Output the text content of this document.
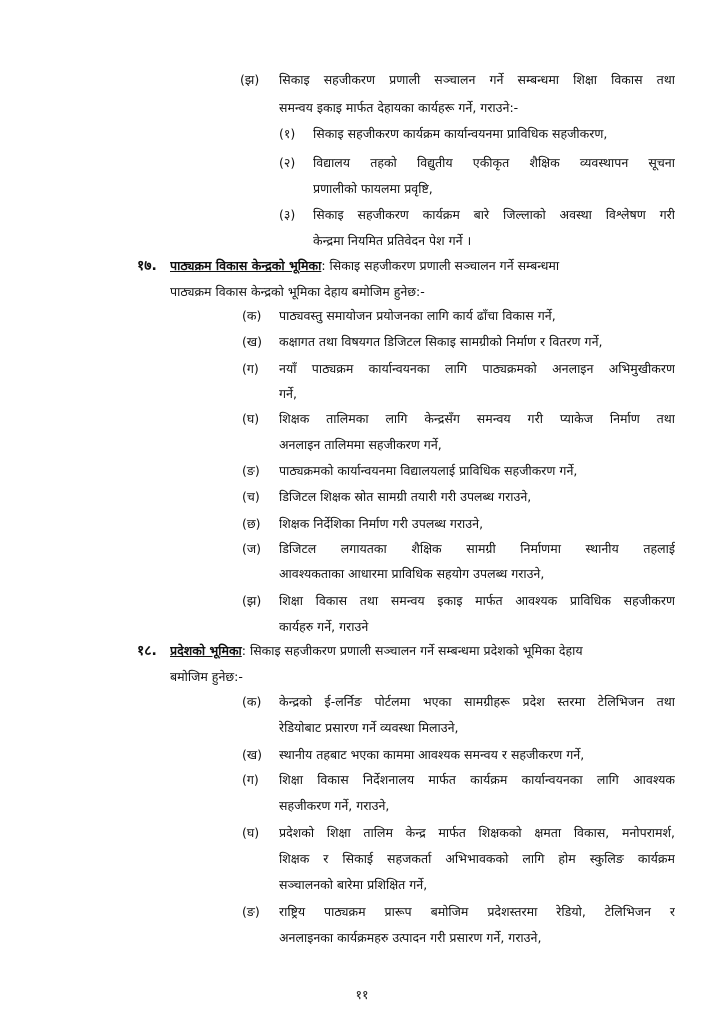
(झ) सिकाइ सहजीकरण प्रणाली सञ्चालन गर्ने सम्बन्धमा शिक्षा विकास तथा
समन्वय इकाइ मार्फत देहायका कार्यहरू गर्ने, गराउने:-
(१) सिकाइ सहजीकरण कार्यक्रम कार्यान्वयनमा प्राविधिक सहजीकरण,
(२) विद्यालय तहको विद्युतीय एकीकृत शैक्षिक व्यवस्थापन सूचना
प्रणालीको फायलमा प्रवृष्टि,
(३) सिकाइ सहजीकरण कार्यक्रम बारे जिल्लाको अवस्था विश्लेषण गरी
केन्द्रमा नियमित प्रतिवेदन पेश गर्ने ।
१७. पाठ्यक्रम विकास केन्द्रको भूमिका: सिकाइ सहजीकरण प्रणाली सञ्चालन गर्ने सम्बन्धमा
पाठ्यक्रम विकास केन्द्रको भूमिका देहाय बमोजिम हुनेछ:-
(क) पाठ्यवस्तु समायोजन प्रयोजनका लागि कार्य ढाँचा विकास गर्ने,
(ख) कक्षागत तथा विषयगत डिजिटल सिकाइ सामग्रीको निर्माण र वितरण गर्ने,
(ग) नयाँ पाठ्यक्रम कार्यान्वयनका लागि पाठ्यक्रमको अनलाइन अभिमुखीकरण
गर्ने,
(घ) शिक्षक तालिमका लागि केन्द्रसँग समन्वय गरी प्याकेज निर्माण तथा
अनलाइन तालिममा सहजीकरण गर्ने,
(ङ) पाठ्यक्रमको कार्यान्वयनमा विद्यालयलाई प्राविधिक सहजीकरण गर्ने,
(च) डिजिटल शिक्षक स्रोत सामग्री तयारी गरी उपलब्ध गराउने,
(छ) शिक्षक निर्देशिका निर्माण गरी उपलब्ध गराउने,
(ज) डिजिटल लगायतका शैक्षिक सामग्री निर्माणमा स्थानीय तहलाई
आवश्यकताका आधारमा प्राविधिक सहयोग उपलब्ध गराउने,
(झ) शिक्षा विकास तथा समन्वय इकाइ मार्फत आवश्यक प्राविधिक सहजीकरण
कार्यहरु गर्ने, गराउने
१८. प्रदेशको भूमिका: सिकाइ सहजीकरण प्रणाली सञ्चालन गर्ने सम्बन्धमा प्रदेशको भूमिका देहाय
बमोजिम हुनेछ:-
(क) केन्द्रको ई-लर्निङ पोर्टलमा भएका सामग्रीहरू प्रदेश स्तरमा टेलिभिजन तथा
रेडियोबाट प्रसारण गर्ने व्यवस्था मिलाउने,
(ख) स्थानीय तहबाट भएका काममा आवश्यक समन्वय र सहजीकरण गर्ने,
(ग) शिक्षा विकास निर्देशनालय मार्फत कार्यक्रम कार्यान्वयनका लागि आवश्यक
सहजीकरण गर्ने, गराउने,
(घ) प्रदेशको शिक्षा तालिम केन्द्र मार्फत शिक्षकको क्षमता विकास, मनोपरामर्श,
शिक्षक र सिकाई सहजकर्ता अभिभावकको लागि होम स्कुलिङ कार्यक्रम
सञ्चालनको बारेमा प्रशिक्षित गर्ने,
(ङ) राष्ट्रिय पाठ्यक्रम प्रारूप बमोजिम प्रदेशस्तरमा रेडियो, टेलिभिजन र
अनलाइनका कार्यक्रमहरु उत्पादन गरी प्रसारण गर्ने, गराउने,
११
